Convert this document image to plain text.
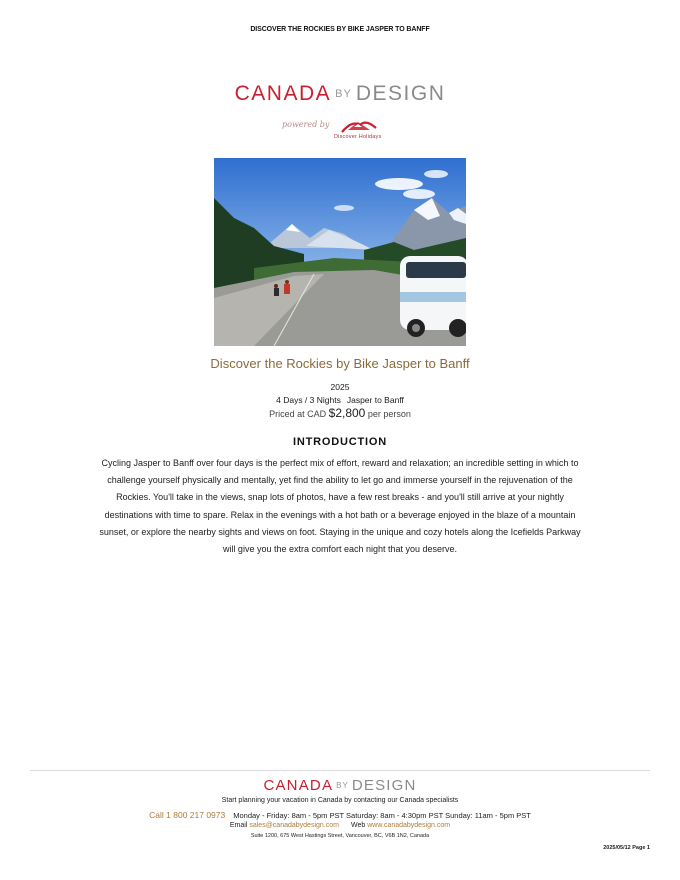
DISCOVER THE ROCKIES BY BIKE JASPER TO BANFF
CANADA BY DESIGN
powered by
Discover Holidays
Discover the Rockies by Bike Jasper to Banff
2025
4 Days / 3 Nights Jasper to Banff
Priced at CAD $2,800 per person
INTRODUCTION
Cycling Jasper to Banff over four days is the perfect mix of effort, reward and relaxation; an incredible setting in which to challenge yourself physically and mentally, yet find the ability to let go and immerse yourself in the rejuvenation of the Rockies. You'll take in the views, snap lots of photos, have a few rest breaks - and you'll still arrive at your nightly destinations with time to spare. Relax in the evenings with a hot bath or a beverage enjoyed in the blaze of a mountain sunset, or explore the nearby sights and views on foot. Staying in the unique and cozy hotels along the Icefields Parkway will give you the extra comfort each night that you deserve.
CANADA BY DESIGN
Start planning your vacation in Canada by contacting our Canada specialists
Call 1 800 217 0973 Monday - Friday: 8am - 5pm PST Saturday: 8am - 4:30pm PST Sunday: 11am - 5pm PST
Email sales@canadabydesign.com Web www.canadabydesign.com
Suite 1200, 675 West Hastings Street, Vancouver, BC, V6B 1N2, Canada
2025/05/12 Page 1
